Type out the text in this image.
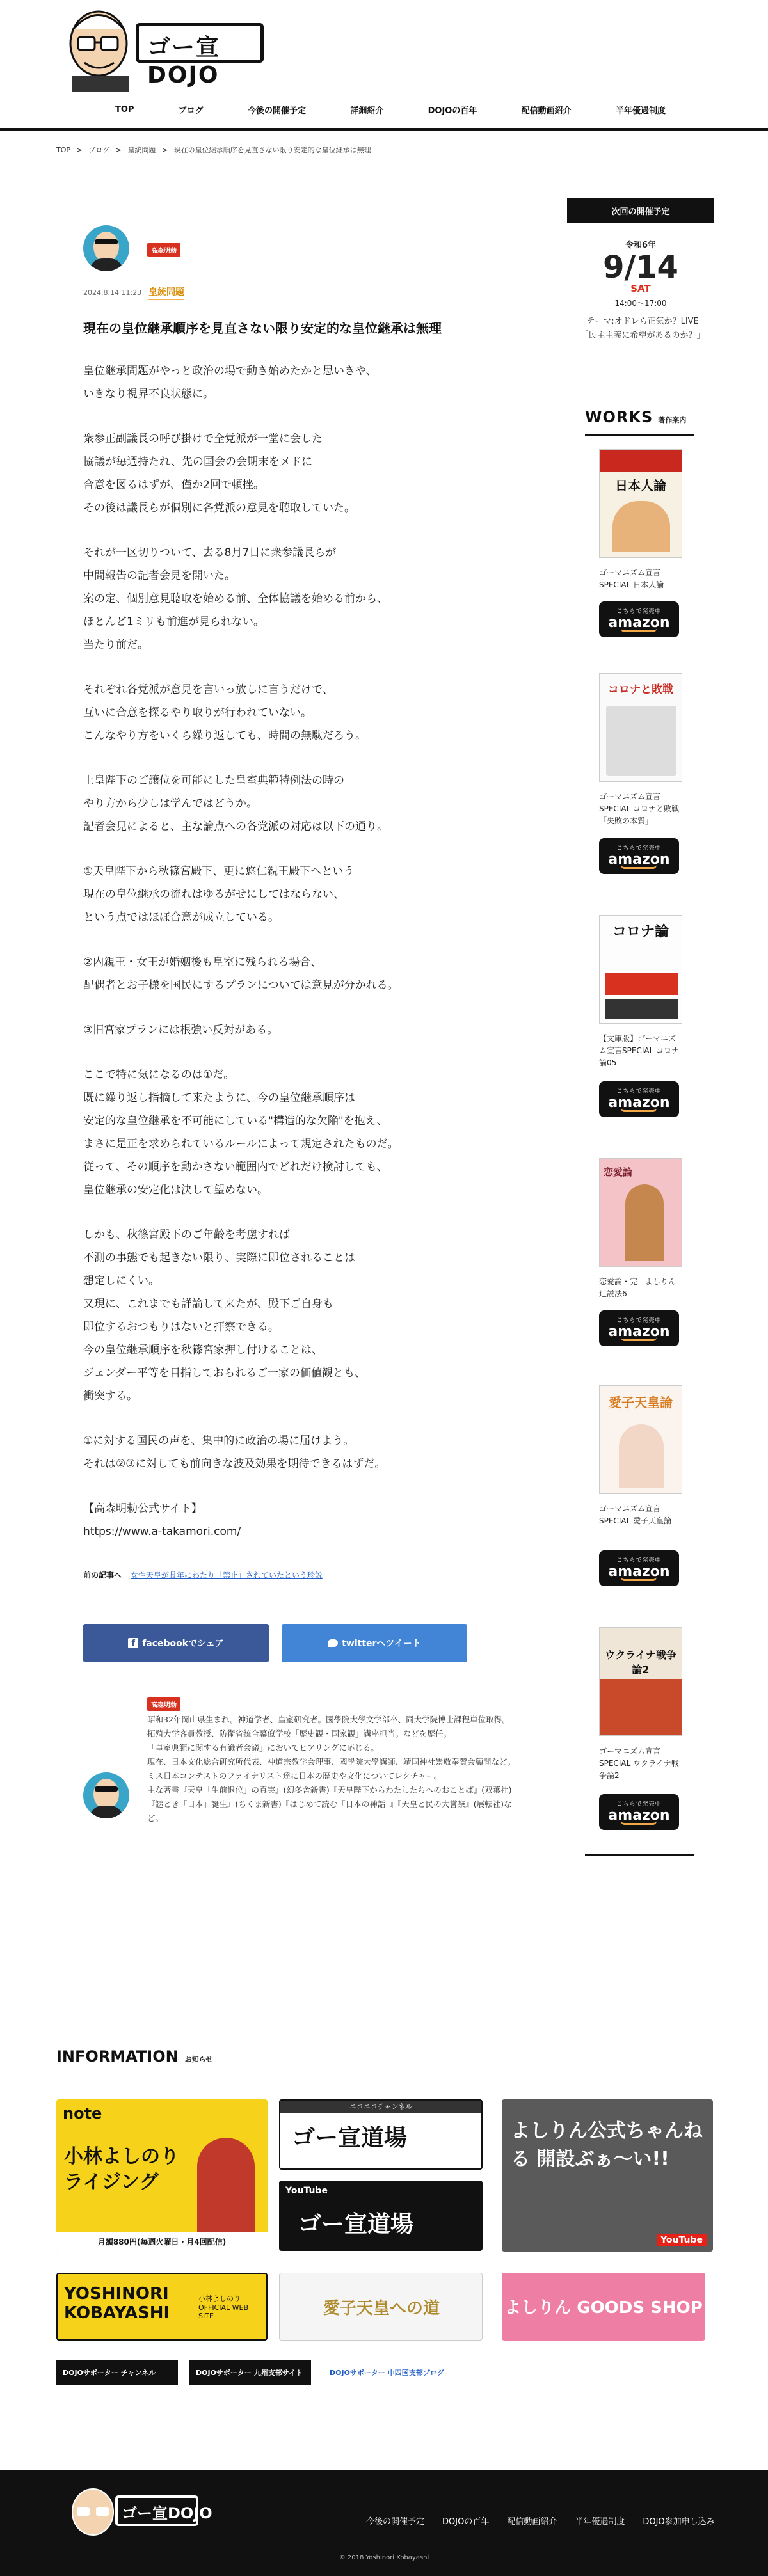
ゴー宣DOJO
TOP	ブログ	今後の開催予定	詳細紹介	DOJOの百年	配信動画紹介	半年優遇制度
TOP > ブログ > 皇統問題 > 現在の皇位継承順序を見直さない限り安定的な皇位継承は無理
高森明勅
2024.8.14 11:23 皇統問題
現在の皇位継承順序を見直さない限り安定的な皇位継承は無理
皇位継承問題がやっと政治の場で動き始めたかと思いきや、
いきなり視界不良状態に。
衆参正副議長の呼び掛けで全党派が一堂に会した
協議が毎週持たれ、先の国会の会期末をメドに
合意を図るはずが、僅か2回で頓挫。
その後は議長らが個別に各党派の意見を聴取していた。
それが一区切りついて、去る8月7日に衆参議長らが
中間報告の記者会見を開いた。
案の定、個別意見聴取を始める前、全体協議を始める前から、
ほとんど1ミリも前進が見られない。
当たり前だ。
それぞれ各党派が意見を言いっ放しに言うだけで、
互いに合意を探るやり取りが行われていない。
こんなやり方をいくら繰り返しても、時間の無駄だろう。
上皇陛下のご譲位を可能にした皇室典範特例法の時の
やり方から少しは学んではどうか。
記者会見によると、主な論点への各党派の対応は以下の通り。
①天皇陛下から秋篠宮殿下、更に悠仁親王殿下へという
現在の皇位継承の流れはゆるがせにしてはならない、
という点ではほぼ合意が成立している。
②内親王・女王が婚姻後も皇室に残られる場合、
配偶者とお子様を国民にするプランについては意見が分かれる。
③旧宮家プランには根強い反対がある。
ここで特に気になるのは①だ。
既に繰り返し指摘して来たように、今の皇位継承順序は
安定的な皇位継承を不可能にしている"構造的な欠陥"を抱え、
まさに是正を求められているルールによって規定されたものだ。
従って、その順序を動かさない範囲内でどれだけ検討しても、
皇位継承の安定化は決して望めない。
しかも、秋篠宮殿下のご年齢を考慮すれば
不測の事態でも起きない限り、実際に即位されることは
想定しにくい。
又現に、これまでも詳論して来たが、殿下ご自身も
即位するおつもりはないと拝察できる。
今の皇位継承順序を秋篠宮家押し付けることは、
ジェンダー平等を目指しておられるご一家の価値観とも、
衝突する。
①に対する国民の声を、集中的に政治の場に届けよう。
それは②③に対しても前向きな波及効果を期待できるはずだ。
【高森明勅公式サイト】
https://www.a-takamori.com/
前の記事へ 女性天皇が長年にわたり「禁止」されていたという珍説
f facebookでシェア	twitterへツイート
高森明勅
昭和32年岡山県生まれ。神道学者、皇室研究者。國學院大學文学部卒、同大学院博士課程単位取得。拓殖大学客員教授、防衛省統合幕僚学校「歴史観・国家観」講座担当。などを歴任。
「皇室典範に関する有識者会議」においてヒアリングに応じる。
現在、日本文化総合研究所代表、神道宗教学会理事、國學院大學講師、靖国神社崇敬奉賛会顧問など。
ミス日本コンテストのファイナリスト達に日本の歴史や文化についてレクチャー。
主な著書『天皇「生前退位」の真実』(幻冬舎新書)『天皇陛下からわたしたちへのおことば』(双葉社)『謎とき「日本」誕生』(ちくま新書)『はじめて読む「日本の神話」』『天皇と民の大嘗祭』(展転社)など。
次回の開催予定
令和6年
9/14
SAT
14:00〜17:00
テーマ:オドレら正気か？LIVE「民主主義に希望があるのか？」
WORKS 著作案内
日本人論
ゴーマニズム宣言SPECIAL 日本人論
こちらで発売中
amazon
コロナと敗戦
ゴーマニズム宣言SPECIAL コロナと敗戦 「失敗の本質」
こちらで発売中
amazon
コロナ論
【文庫版】ゴーマニズム宣言SPECIAL コロナ論05
こちらで発売中
amazon
恋愛論
恋愛論・完—よしりん辻説法6
こちらで発売中
amazon
愛子天皇論
ゴーマニズム宣言SPECIAL 愛子天皇論
こちらで発売中
amazon
ウクライナ戦争論2
ゴーマニズム宣言SPECIAL ウクライナ戦争論2
こちらで発売中
amazon
INFORMATION お知らせ
note
小林よしのりライジング
月額880円(毎週火曜日・月4回配信)
ニコニコチャンネル
ゴー宣道場
YouTube
ゴー宣道場
よしりん公式ちゃんねる 開設ぶぁ〜い!!
YouTube
YOSHINORI KOBAYASHI
小林よしのり OFFICIAL WEB SITE	愛子天皇への道	よしりん GOODS SHOP
DOJOサポーター チャンネル	DOJOサポーター 九州支部サイト	DOJOサポーター 中四国支部ブログ
ゴー宣DOJO	今後の開催予定 DOJOの百年 配信動画紹介 半年優遇制度 DOJO参加申し込み
© 2018 Yoshinori Kobayashi
